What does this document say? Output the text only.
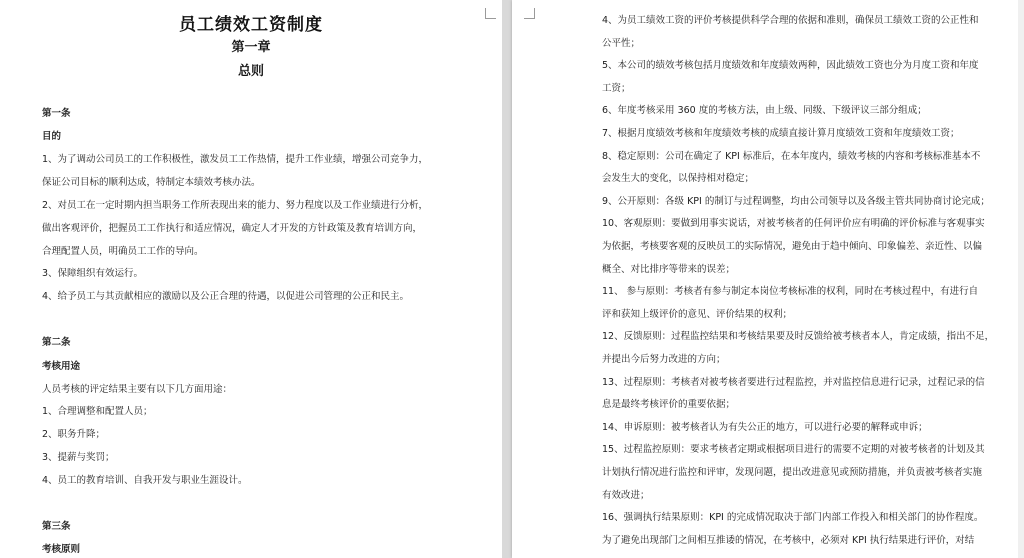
员工绩效工资制度
第一章
总则
第一条
目的
1、为了调动公司员工的工作积极性，激发员工工作热情，提升工作业绩，增强公司竞争力，
保证公司目标的顺利达成，特制定本绩效考核办法。
2、对员工在一定时期内担当职务工作所表现出来的能力、努力程度以及工作业绩进行分析，
做出客观评价，把握员工工作执行和适应情况，确定人才开发的方针政策及教育培训方向，
合理配置人员，明确员工工作的导向。
3、保障组织有效运行。
4、给予员工与其贡献相应的激励以及公正合理的待遇，以促进公司管理的公正和民主。
第二条
考核用途
人员考核的评定结果主要有以下几方面用途：
1、合理调整和配置人员；
2、职务升降；
3、提薪与奖罚；
4、员工的教育培训、自我开发与职业生涯设计。
第三条
考核原则
4、为员工绩效工资的评价考核提供科学合理的依据和准则，确保员工绩效工资的公正性和
公平性；
5、本公司的绩效考核包括月度绩效和年度绩效两种，因此绩效工资也分为月度工资和年度
工资；
6、年度考核采用 360 度的考核方法，由上级、同级、下级评议三部分组成；
7、根据月度绩效考核和年度绩效考核的成绩直接计算月度绩效工资和年度绩效工资；
8、稳定原则：公司在确定了 KPI 标准后，在本年度内，绩效考核的内容和考核标准基本不
会发生大的变化，以保持相对稳定；
9、公开原则：各级 KPI 的制订与过程调整，均由公司领导以及各级主管共同协商讨论完成；
10、客观原则：要做到用事实说话，对被考核者的任何评价应有明确的评价标准与客观事实
为依据，考核要客观的反映员工的实际情况，避免由于趋中倾向、印象偏差、亲近性、以偏
概全、对比排序等带来的误差；
11、 参与原则：考核者有参与制定本岗位考核标准的权利，同时在考核过程中，有进行自
评和获知上级评价的意见、评价结果的权利；
12、反馈原则：过程监控结果和考核结果要及时反馈给被考核者本人，肯定成绩，指出不足，
并提出今后努力改进的方向；
13、过程原则：考核者对被考核者要进行过程监控，并对监控信息进行记录，过程记录的信
息是最终考核评价的重要依据；
14、申诉原则：被考核者认为有失公正的地方，可以进行必要的解释或申诉；
15、过程监控原则：要求考核者定期或根据项目进行的需要不定期的对被考核者的计划及其
计划执行情况进行监控和评审，发现问题，提出改进意见或预防措施，并负责被考核者实施
有效改进；
16、强调执行结果原则：KPI 的完成情况取决于部门内部工作投入和相关部门的协作程度。
为了避免出现部门之间相互推诿的情况，在考核中，必须对 KPI 执行结果进行评价，对结
